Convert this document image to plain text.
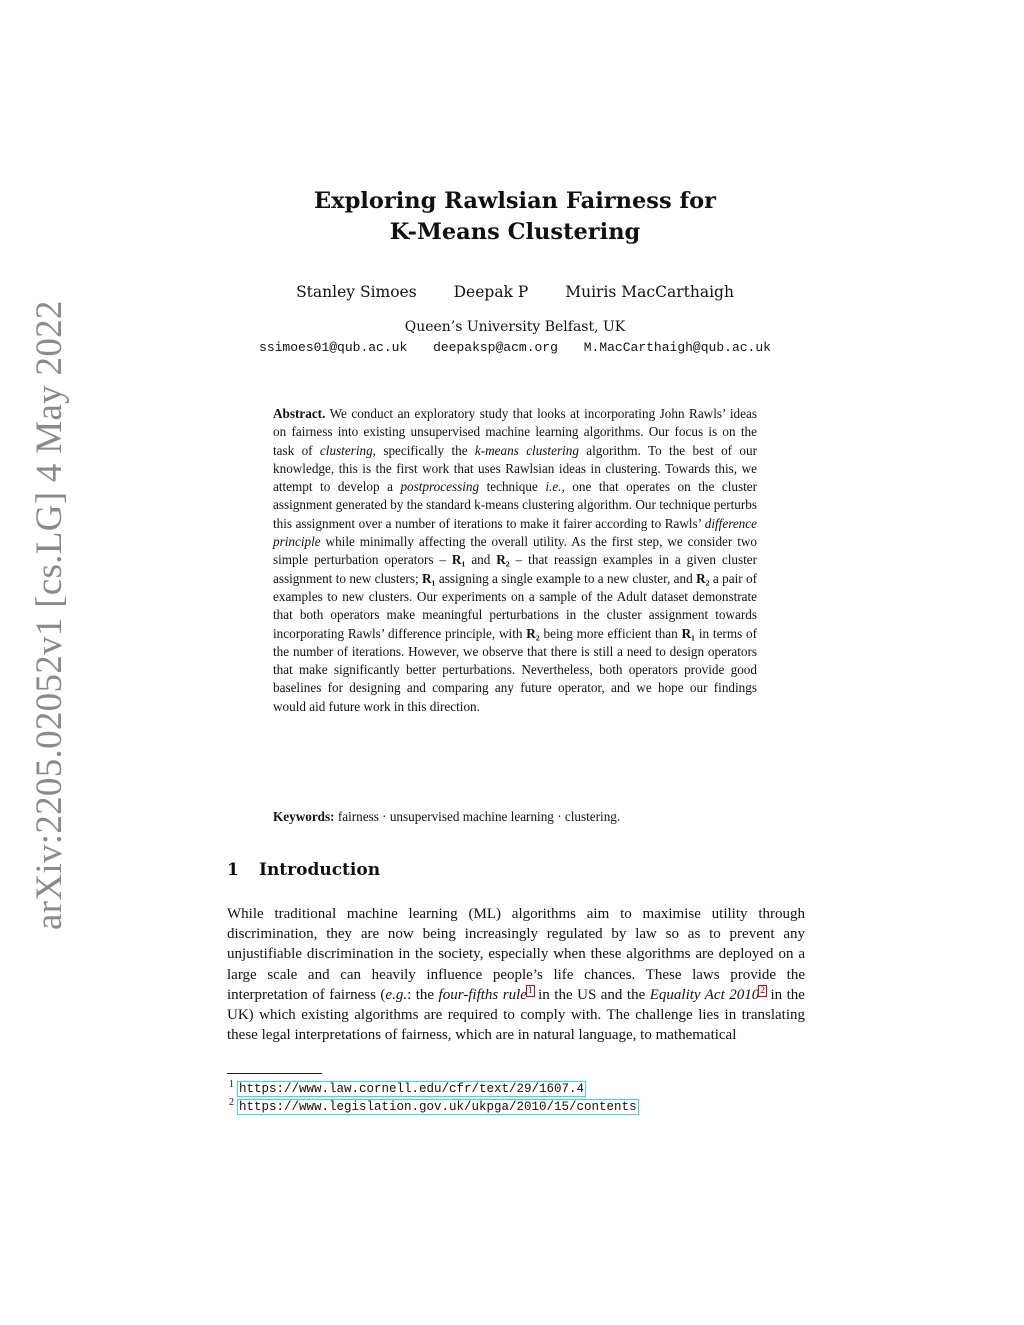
arXiv:2205.02052v1 [cs.LG] 4 May 2022
Exploring Rawlsian Fairness for
K-Means Clustering
Stanley Simoes Deepak P Muiris MacCarthaigh
Queen’s University Belfast, UK
ssimoes01@qub.ac.uk deepaksp@acm.org M.MacCarthaigh@qub.ac.uk
Abstract. We conduct an exploratory study that looks at incorporating John Rawls’ ideas on fairness into existing unsupervised machine learning algorithms. Our focus is on the task of clustering, specifically the k-means clustering algorithm. To the best of our knowledge, this is the first work that uses Rawlsian ideas in clustering. Towards this, we attempt to develop a postprocessing technique i.e., one that operates on the cluster assignment generated by the standard k-means clustering algorithm. Our technique perturbs this assignment over a number of iterations to make it fairer according to Rawls’ difference principle while minimally affecting the overall utility. As the first step, we consider two simple perturbation operators – R₁ and R₂ – that reassign examples in a given cluster assignment to new clusters; R₁ assigning a single example to a new cluster, and R₂ a pair of examples to new clusters. Our experiments on a sample of the Adult dataset demonstrate that both operators make meaningful perturbations in the cluster assignment towards incorporating Rawls’ difference principle, with R₂ being more efficient than R₁ in terms of the number of iterations. However, we observe that there is still a need to design operators that make significantly better perturbations. Nevertheless, both operators provide good baselines for designing and comparing any future operator, and we hope our findings would aid future work in this direction.
Keywords: fairness · unsupervised machine learning · clustering.
1 Introduction
While traditional machine learning (ML) algorithms aim to maximise utility through discrimination, they are now being increasingly regulated by law so as to prevent any unjustifiable discrimination in the society, especially when these algorithms are deployed on a large scale and can heavily influence people’s life chances. These laws provide the interpretation of fairness (e.g.: the four-fifths rule$^1$ in the US and the Equality Act 2010$^2$ in the UK) which existing algorithms are required to comply with. The challenge lies in translating these legal interpretations of fairness, which are in natural language, to mathematical
$^1$ https://www.law.cornell.edu/cfr/text/29/1607.4
$^2$ https://www.legislation.gov.uk/ukpga/2010/15/contents
